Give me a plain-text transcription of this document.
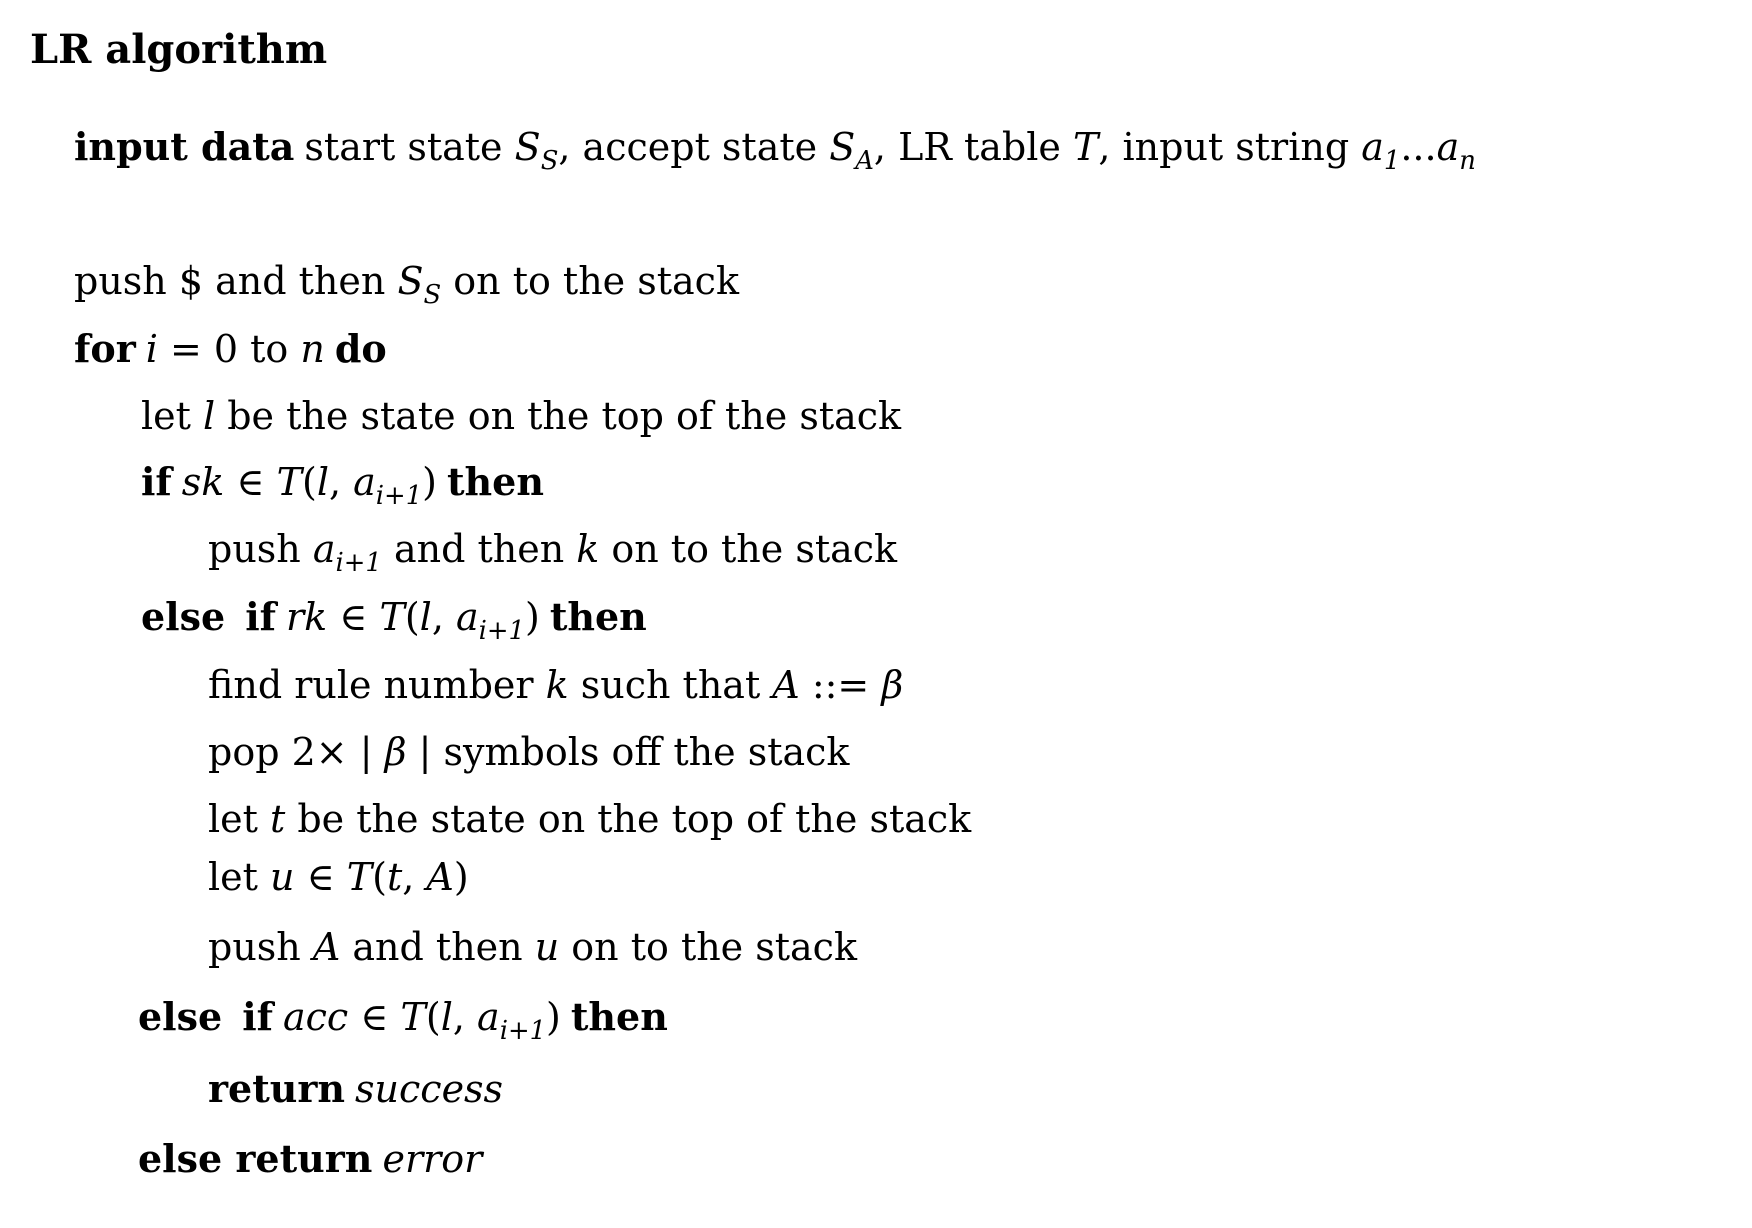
LR algorithm
input data start state $S_S$, accept state $S_A$, LR table T, input string $a_1...a_n$
push $ and then $S_S$ on to the stack
for i = 0 to n do
let l be the state on the top of the stack
if sk ∈ T(l, $a_{i+1}$) then
push $a_{i+1}$ and then k on to the stack
else if rk ∈ T(l, $a_{i+1}$) then
find rule number k such that A ::= β
pop 2× | β | symbols off the stack
let t be the state on the top of the stack
let u ∈ T(t, A)
push A and then u on to the stack
else if acc ∈ T(l, $a_{i+1}$) then
return success
else return error
